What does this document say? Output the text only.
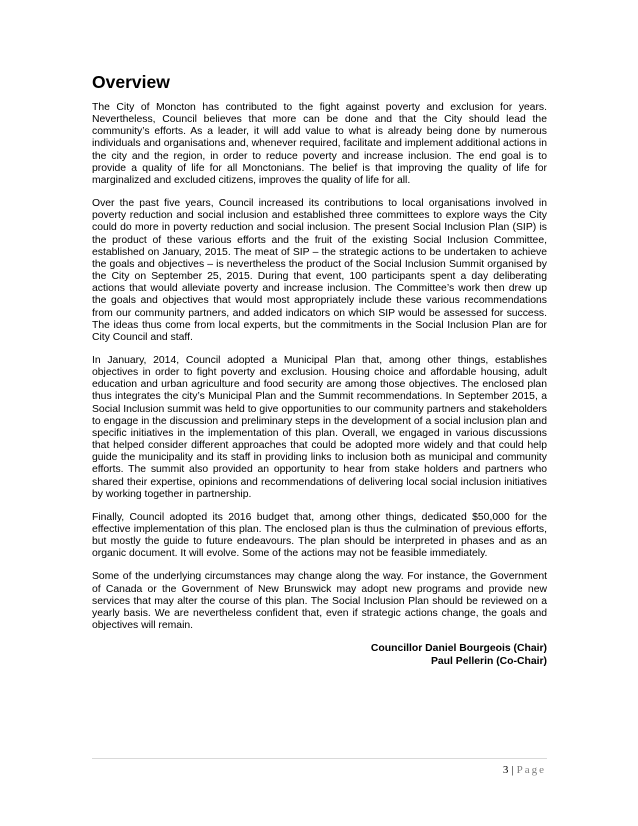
Overview

The City of Moncton has contributed to the fight against poverty and exclusion for years. Nevertheless, Council believes that more can be done and that the City should lead the community’s efforts. As a leader, it will add value to what is already being done by numerous individuals and organisations and, whenever required, facilitate and implement additional actions in the city and the region, in order to reduce poverty and increase inclusion. The end goal is to provide a quality of life for all Monctonians. The belief is that improving the quality of life for marginalized and excluded citizens, improves the quality of life for all.

Over the past five years, Council increased its contributions to local organisations involved in poverty reduction and social inclusion and established three committees to explore ways the City could do more in poverty reduction and social inclusion. The present Social Inclusion Plan (SIP) is the product of these various efforts and the fruit of the existing Social Inclusion Committee, established on January, 2015. The meat of SIP – the strategic actions to be undertaken to achieve the goals and objectives – is nevertheless the product of the Social Inclusion Summit organised by the City on September 25, 2015. During that event, 100 participants spent a day deliberating actions that would alleviate poverty and increase inclusion. The Committee’s work then drew up the goals and objectives that would most appropriately include these various recommendations from our community partners, and added indicators on which SIP would be assessed for success. The ideas thus come from local experts, but the commitments in the Social Inclusion Plan are for City Council and staff.

In January, 2014, Council adopted a Municipal Plan that, among other things, establishes objectives in order to fight poverty and exclusion. Housing choice and affordable housing, adult education and urban agriculture and food security are among those objectives. The enclosed plan thus integrates the city’s Municipal Plan and the Summit recommendations. In September 2015, a Social Inclusion summit was held to give opportunities to our community partners and stakeholders to engage in the discussion and preliminary steps in the development of a social inclusion plan and specific initiatives in the implementation of this plan. Overall, we engaged in various discussions that helped consider different approaches that could be adopted more widely and that could help guide the municipality and its staff in providing links to inclusion both as municipal and community efforts. The summit also provided an opportunity to hear from stake holders and partners who shared their expertise, opinions and recommendations of delivering local social inclusion initiatives by working together in partnership.

Finally, Council adopted its 2016 budget that, among other things, dedicated $50,000 for the effective implementation of this plan. The enclosed plan is thus the culmination of previous efforts, but mostly the guide to future endeavours. The plan should be interpreted in phases and as an organic document. It will evolve. Some of the actions may not be feasible immediately.

Some of the underlying circumstances may change along the way. For instance, the Government of Canada or the Government of New Brunswick may adopt new programs and provide new services that may alter the course of this plan. The Social Inclusion Plan should be reviewed on a yearly basis. We are nevertheless confident that, even if strategic actions change, the goals and objectives will remain.

Councillor Daniel Bourgeois (Chair)
Paul Pellerin (Co-Chair)
3 | Page
